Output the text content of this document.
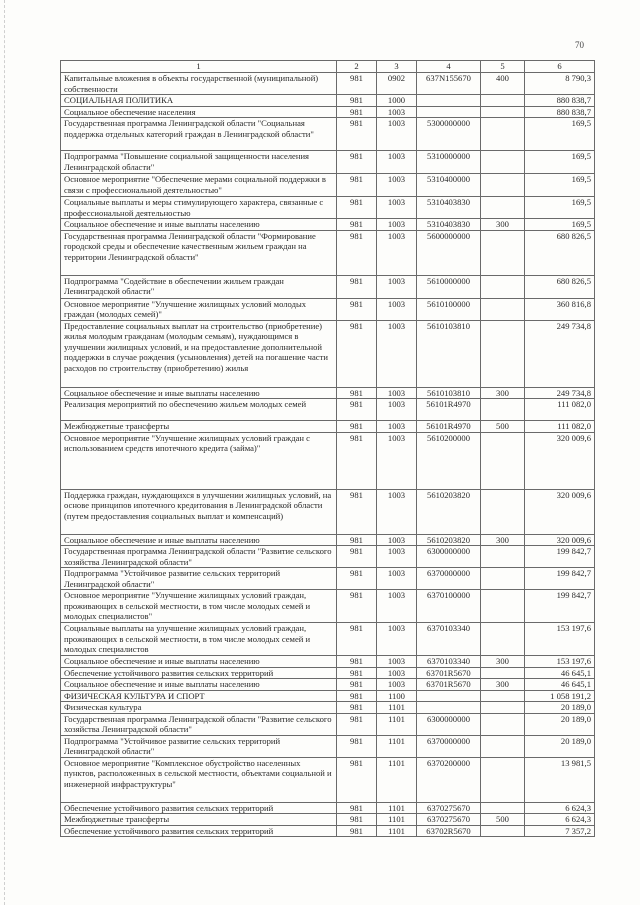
70
1	2	3	4	5	6
Капитальные вложения в объекты государственной (муниципальной) собственности	981	0902	637N155670	400	8 790,3
СОЦИАЛЬНАЯ ПОЛИТИКА	981	1000			880 838,7
Социальное обеспечение населения	981	1003			880 838,7
Государственная программа Ленинградской области "Социальная поддержка отдельных категорий граждан в Ленинградской области"	981	1003	5300000000		169,5
Подпрограмма "Повышение социальной защищенности населения Ленинградской области"	981	1003	5310000000		169,5
Основное мероприятие "Обеспечение мерами социальной поддержки в связи с профессиональной деятельностью"	981	1003	5310400000		169,5
Социальные выплаты и меры стимулирующего характера, связанные с профессиональной деятельностью	981	1003	5310403830		169,5
Социальное обеспечение и иные выплаты населению	981	1003	5310403830	300	169,5
Государственная программа Ленинградской области "Формирование городской среды и обеспечение качественным жильем граждан на территории Ленинградской области"	981	1003	5600000000		680 826,5
Подпрограмма "Содействие в обеспечении жильем граждан Ленинградской области"	981	1003	5610000000		680 826,5
Основное мероприятие "Улучшение жилищных условий молодых граждан (молодых семей)"	981	1003	5610100000		360 816,8
Предоставление социальных выплат на строительство (приобретение) жилья молодым гражданам (молодым семьям), нуждающимся в улучшении жилищных условий, и на предоставление дополнительной поддержки в случае рождения (усыновления) детей на погашение части расходов по строительству (приобретению) жилья	981	1003	5610103810		249 734,8
Социальное обеспечение и иные выплаты населению	981	1003	5610103810	300	249 734,8
Реализация мероприятий по обеспечению жильем молодых семей	981	1003	56101R4970		111 082,0
Межбюджетные трансферты	981	1003	56101R4970	500	111 082,0
Основное мероприятие "Улучшение жилищных условий граждан с использованием средств ипотечного кредита (займа)"	981	1003	5610200000		320 009,6
Поддержка граждан, нуждающихся в улучшении жилищных условий, на основе принципов ипотечного кредитования в Ленинградской области (путем предоставления социальных выплат и компенсаций)	981	1003	5610203820		320 009,6
Социальное обеспечение и иные выплаты населению	981	1003	5610203820	300	320 009,6
Государственная программа Ленинградской области "Развитие сельского хозяйства Ленинградской области"	981	1003	6300000000		199 842,7
Подпрограмма "Устойчивое развитие сельских территорий Ленинградской области"	981	1003	6370000000		199 842,7
Основное мероприятие "Улучшение жилищных условий граждан, проживающих в сельской местности, в том числе молодых семей и молодых специалистов"	981	1003	6370100000		199 842,7
Социальные выплаты на улучшение жилищных условий граждан, проживающих в сельской местности, в том числе молодых семей и молодых специалистов	981	1003	6370103340		153 197,6
Социальное обеспечение и иные выплаты населению	981	1003	6370103340	300	153 197,6
Обеспечение устойчивого развития сельских территорий	981	1003	63701R5670		46 645,1
Социальное обеспечение и иные выплаты населению	981	1003	63701R5670	300	46 645,1
ФИЗИЧЕСКАЯ КУЛЬТУРА И СПОРТ	981	1100			1 058 191,2
Физическая культура	981	1101			20 189,0
Государственная программа Ленинградской области "Развитие сельского хозяйства Ленинградской области"	981	1101	6300000000		20 189,0
Подпрограмма "Устойчивое развитие сельских территорий Ленинградской области"	981	1101	6370000000		20 189,0
Основное мероприятие "Комплексное обустройство населенных пунктов, расположенных в сельской местности, объектами социальной и инженерной инфраструктуры"	981	1101	6370200000		13 981,5
Обеспечение устойчивого развития сельских территорий	981	1101	6370275670		6 624,3
Межбюджетные трансферты	981	1101	6370275670	500	6 624,3
Обеспечение устойчивого развития сельских территорий	981	1101	63702R5670		7 357,2
